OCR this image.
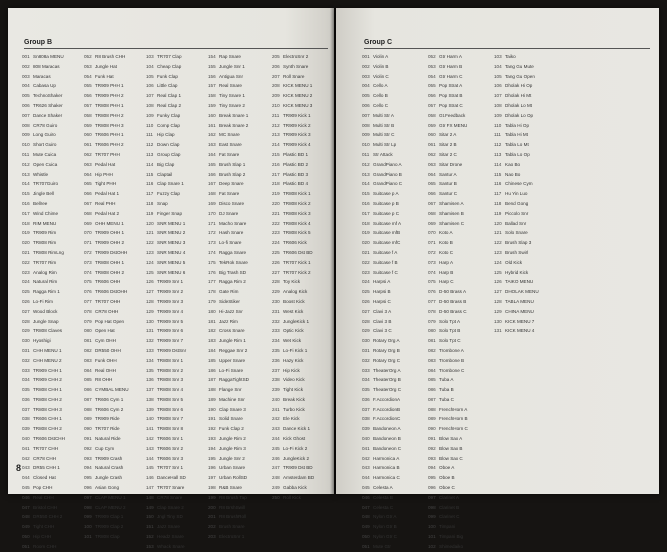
Group B
001 Sn808a MENU
002 808 Maracas
003 Maracas
004 Cabasa Up
005 TechnoShaker
006 TR626 Shaker
007 Dance Shaker
008 CR78 Guiro
009 Long Guiro
010 Short Guiro
011 Mute Cuica
012 Open Cuica
013 Whistle
014 TR707Guiro
015 Jingle Bell
016 Bellree
017 Wind Chime
018 RIM MENU
019 TR909 Rim
020 TR808 Rim
021 TR808 RimLng
022 TR707 Rim
023 Analog Rim
024 Natural Rim
025 Ragga Rim 1
026 Lo-Fi Rim
027 Wood Block
028 Jungle Snap
029 TR808 Claves
030 Hyoshigi
031 CHH MENU 1
032 CHH MENU 2
033 TR909 CHH 1
034 TR909 CHH 2
035 TR808 CHH 1
036 TR808 CHH 2
037 TR808 CHH 3
038 TR606 CHH 1
039 TR808 CHH 2
040 TR606 DstCHH
041 TR707 CHH
042 CR78 CHH
043 DR55 CHH 1
044 Closed Hat
045 Pop CHH
046 Real CHH
047 Bristol CHH
048 DR550 CHH 2
049 Tight CHH
050 Hip CHH
051 Room CHH
052 R8 Brush CHH
053 Jungle Hat
054 Funk Hat
055 TR909 PHH 1
056 TR909 PHH 2
057 TR808 PHH 1
058 TR808 PHH 2
059 TR808 PHH 3
060 TR606 PHH 1
061 TR606 PHH 2
062 TR707 PHH
063 Pedal Hat
064 Hip PHH
065 Tight PHH
066 Pedal Hat 1
067 Real PHH
068 Pedal Hat 2
069 OHH MENU 1
070 TR909 OHH 1
071 TR909 OHH 2
072 TR909 DstOHH
073 TR808 OHH 1
074 TR808 OHH 2
075 TR606 OHH
076 TR606 DstOHH
077 TR707 OHH
078 CR78 OHH
079 Pop Hat Open
080 Open Hat
081 Cym OHH
082 DR550 OHH
083 Funk OHH
084 Real OHH
085 R8 OHH
086 CYMBAL MENU
087 TR606 Cym 1
088 TR606 Cym 2
089 TR909 Ride
090 TR707 Ride
091 Natural Ride
092 Cup Cym
093 TR909 Crash
094 Natural Crash
095 Jungle Crash
096 Asian Gong
097 CLAP MENU 1
098 CLAP MENU 2
099 TR909 Clap 1
100 TR909 Clap 2
101 TR808 Clap
103 TR707 Clap
104 Cheap Clap
105 Funk Clap
106 Little Clap
107 Real Clap 1
108 Real Clap 2
109 Funky Clap
110 Comp Clap
111 Hip Clap
112 Down Clap
113 Group Clap
114 Big Clap
115 Claptail
116 Clap Snare 1
117 Fuzzy Clap
118 Snap
119 Finger Snap
120 SNR MENU 1
121 SNR MENU 2
122 SNR MENU 3
123 SNR MENU 4
124 SNR MENU 5
125 SNR MENU 6
126 TR909 Snr 1
127 TR909 Snr 2
128 TR909 Snr 3
129 TR909 Snr 4
130 TR909 Snr 5
131 TR909 Snr 6
132 TR909 Snr 7
133 TR909 DstSnr
134 TR808 Snr 1
135 TR808 Snr 2
136 TR808 Snr 3
137 TR808 Snr 4
138 TR808 Snr 5
139 TR808 Snr 6
140 TR808 Snr 7
141 TR808 Snr 8
142 TR606 Snr 1
143 TR606 Snr 2
144 TR606 Snr 3
145 TR707 Snr 1
146 DanceHall SD
147 TR707 Snare
148 CR78 Snare
149 Clap Snare 2
150 Jngl Tiny SD
151 Jazz Snare
152 Headz Snare
153 Whack Snare
154 Rap Snare
155 Jungle Snr 1
156 Antigua Snr
157 Real Snare
158 Tiny Snare 1
159 Tiny Snare 2
160 Break Snare 1
161 Break Snare 2
162 MC Snare
163 East Snare
164 Fat Snare
165 Brush Slap 1
166 Brush Slap 2
167 Deep Snare
168 Fat Snare
169 Disco Snare
170 DJ Snare
171 Macho Snare
172 Hash Snare
173 Lo-fi Snare
174 Ragga Snare
175 TekRok Snare
176 Big Trash SD
177 Ragga Rim 2
178 Gate Rim
179 SideStiker
180 Hi-Jazz Snr
181 Jazz Rim
182 Cross Snare
183 Jungle Rim 1
184 Reggae Snr 2
185 Upper Snare
186 Lo-Fi Snare
187 RaggaTightSD
188 Flange Snr
189 Machine Snr
190 Clap Snare 3
191 Solid Snare
192 Funk Clap 2
193 Jungle Rim 2
194 Jungle Rim 3
195 Jungle Snr 2
196 Urban Snare
197 Urban RollSD
198 R&B Snare
199 R8 Brush Tap
200 R8 BrshSwill
201 R8 BrushRoll
202 Brush Snare
203 ElectroSnr 1
205 ElectroSnr 2
206 Synth Snare
207 Roll Snare
208 KICK MENU 1
209 KICK MENU 2
210 KICK MENU 3
211 TR909 Kick 1
212 TR909 Kick 2
213 TR909 Kick 3
214 TR909 Kick 4
215 Plastic BD 1
216 Plastic BD 2
217 Plastic BD 3
218 Plastic BD 4
219 TR808 Kick 1
220 TR808 Kick 2
221 TR808 Kick 3
222 TR808 Kick 4
223 TR808 Kick 5
224 TR606 Kick
225 TR606 Dst BD
226 TR707 Kick 1
227 TR707 Kick 2
228 Toy Kick
229 Analog Kick
230 Boost Kick
231 West Kick
232 JungleKick 1
233 Optic Kick
234 Wet Kick
235 Lo-Fi Kick 1
236 Hazy Kick
237 Hip Kick
238 Video Kick
239 Tight Kick
240 Break Kick
241 Turbo Kick
242 Ele Kick
243 Dance Kick 1
244 Kick Ghost
245 Lo-Fi Kick 2
246 JungleKick 2
247 TR909 Dst BD
248 Amsterdam BD
249 Gabba Kick
250 Roll Kick
8
Group C
001 Violin A
002 Violin B
003 Violin C
004 Cello A
005 Cello B
006 Cello C
007 Multi Str A
008 Multi Str B
009 Multi Str C
010 Multi Str Lp
011 Str Attack
012 GrandPiano A
013 GrandPiano B
014 GrandPiano C
015 Suitcase p A
016 Suitcase p B
017 Suitcase p C
018 Suitcase mf A
019 Suitcase mfB
020 Suitcase mfC
021 Suitcase f A
022 Suitcase f B
023 Suitcase f C
024 Harpsi A
025 Harpsi B
026 Harpsi C
027 Clavi 3 A
028 Clavi 3 B
029 Clavi 3 C
030 Rotary Org A
031 Rotary Org B
032 Rotary Org C
033 TheaterOrg A
034 TheaterOrg B
035 TheaterOrg C
036 F.AccordionA
037 F.AccordionB
038 F.AccordionC
039 Bandoneon A
040 Bandoneon B
041 Bandoneon C
042 Harmonica A
043 Harmonica B
044 Harmonica C
045 Celesta A
046 Celesta B
047 Celesta C
048 Nylon Gtr A
049 Nylon Gtr B
050 Nylon Gtr C
051 Mute Gtr
052 Gtr Harm A
053 Gtr Harm B
054 Gtr Harm C
055 Pop Strat A
056 Pop Strat B
057 Pop Strat C
058 Gt.Feedback
059 Gtr FX MENU
060 Sitar 2 A
061 Sitar 2 B
062 Sitar 2 C
063 Sitar Drone
064 Santur A
065 Santur B
066 Santur C
067 Shamisen A
068 Shamisen B
069 Shamisen C
070 Koto A
071 Koto B
072 Koto C
073 Harp A
074 Harp B
075 Harp C
076 D-50 Brass A
077 D-50 Brass B
078 D-50 Brass C
079 Solo Tpt A
080 Solo Tpt B
081 Solo Tpt C
082 Trombone A
083 Trombone B
084 Trombone C
085 Tuba A
086 Tuba B
087 Tuba C
088 FrenchHorn A
089 FrenchHorn B
090 FrenchHorn C
091 Blow Sax A
092 Blow Sax B
093 Blow Sax C
094 Oboe A
095 Oboe B
096 Oboe C
097 Clarinet A
098 Clarinet B
099 Clarinet C
100 Timpani
101 Timpani Big
102 Shimedaiko
103 Taiko
104 Tang Gu Mute
105 Tang Gu Open
106 Dholak Hi Op
107 Dholak Hi Mt
108 Dholak Lo Mt
109 Dholak Lo Op
110 Tabla Hi Op
111 Tabla Hi Mt
112 Tabla Lo Mt
113 Tabla Lo Op
114 Kao Bo
115 Nao Bo
116 Chinese Cym
117 Hu Yin Luo
118 Bend Gong
119 Piccolo Snr
120 Ballad Snr
121 Solo Snare
122 Brush Slap 3
123 Brush Swirl
124 Old Kick
125 Hybrid Kick
126 TAIKO MENU
127 DHOLAK MENU
128 TABLA MENU
129 CHINA MENU
130 KICK MENU 7
131 KICK MENU 4
